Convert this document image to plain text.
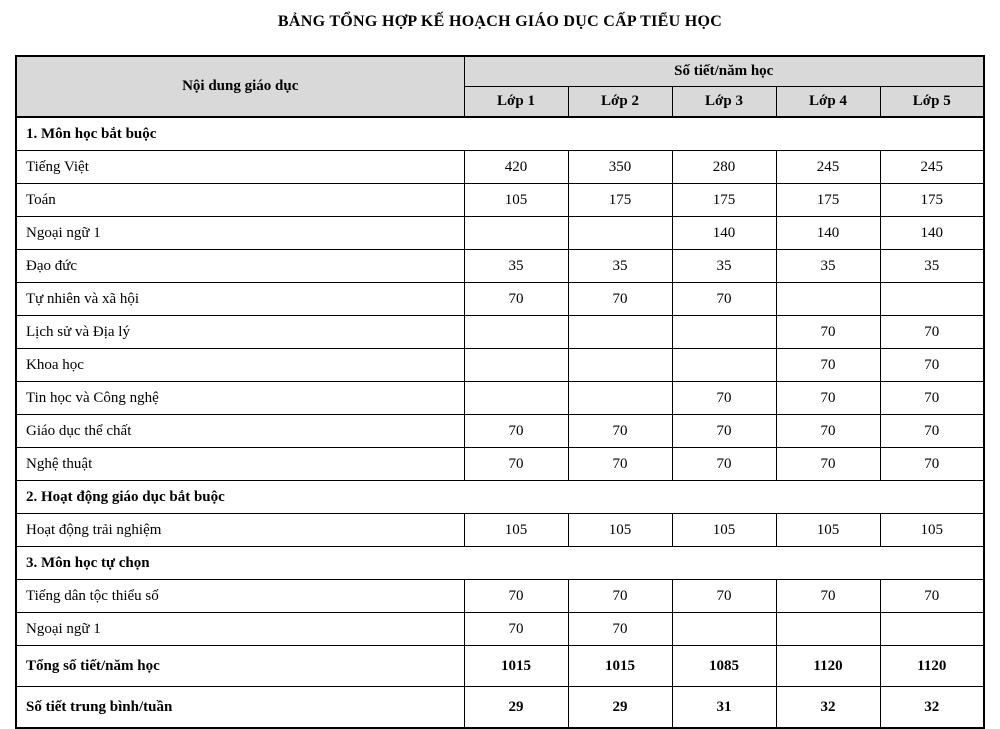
BẢNG TỔNG HỢP KẾ HOẠCH GIÁO DỤC CẤP TIỂU HỌC
Nội dung giáo dục	Số tiết/năm học				
	Lớp 1	Lớp 2	Lớp 3	Lớp 4	Lớp 5
1. Môn học bắt buộc					
Tiếng Việt	420	350	280	245	245
Toán	105	175	175	175	175
Ngoại ngữ 1			140	140	140
Đạo đức	35	35	35	35	35
Tự nhiên và xã hội	70	70	70		
Lịch sử và Địa lý				70	70
Khoa học				70	70
Tin học và Công nghệ			70	70	70
Giáo dục thể chất	70	70	70	70	70
Nghệ thuật	70	70	70	70	70
2. Hoạt động giáo dục bắt buộc					
Hoạt động trải nghiệm	105	105	105	105	105
3. Môn học tự chọn					
Tiếng dân tộc thiểu số	70	70	70	70	70
Ngoại ngữ 1	70	70			
Tổng số tiết/năm học	1015	1015	1085	1120	1120
Số tiết trung bình/tuần	29	29	31	32	32
